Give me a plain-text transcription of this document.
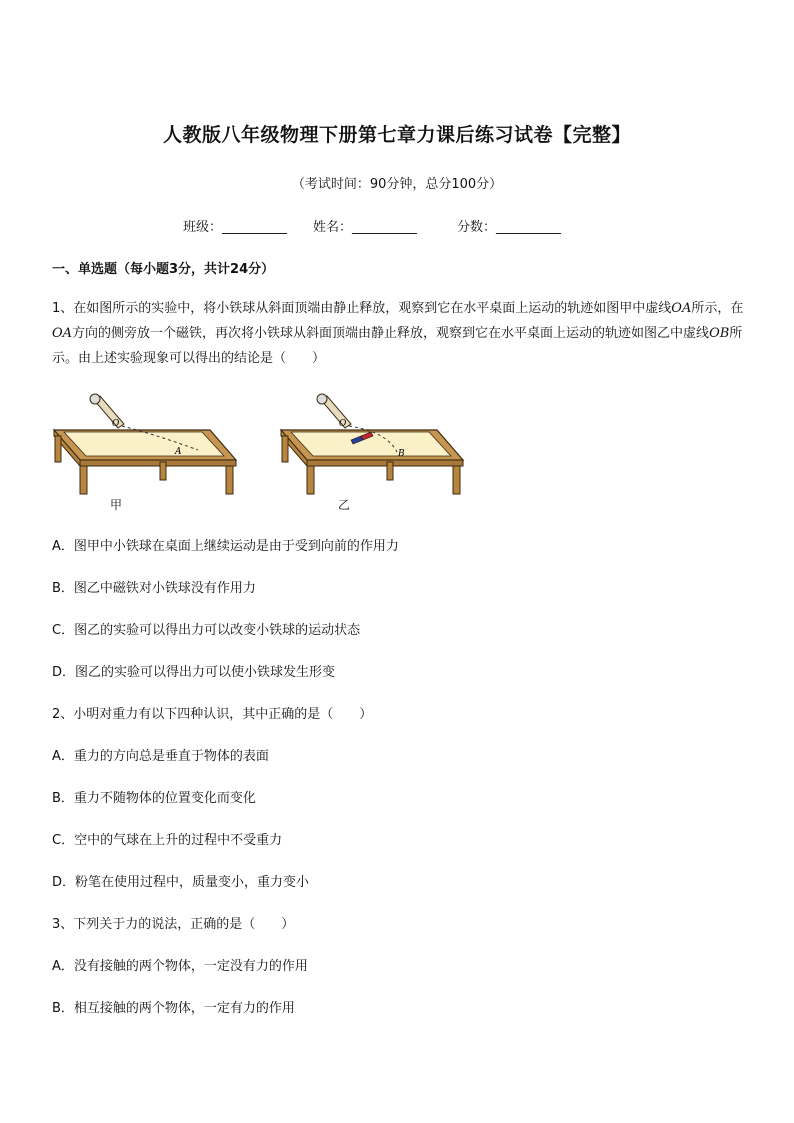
人教版八年级物理下册第七章力课后练习试卷【完整】
（考试时间：90分钟，总分100分）
班级：__________ 姓名：__________	分数：__________
一、单选题（每小题3分，共计24分）
1、在如图所示的实验中，将小铁球从斜面顶端由静止释放，观察到它在水平桌面上运动的轨迹如图甲中虚线OA所示，在OA方向的侧旁放一个磁铁，再次将小铁球从斜面顶端由静止释放，观察到它在水平桌面上运动的轨迹如图乙中虚线OB所示。由上述实验现象可以得出的结论是（　　）
O
A
甲
O
B
乙
A．图甲中小铁球在桌面上继续运动是由于受到向前的作用力
B．图乙中磁铁对小铁球没有作用力
C．图乙的实验可以得出力可以改变小铁球的运动状态
D．图乙的实验可以得出力可以使小铁球发生形变
2、小明对重力有以下四种认识，其中正确的是（　　）
A．重力的方向总是垂直于物体的表面
B．重力不随物体的位置变化而变化
C．空中的气球在上升的过程中不受重力
D．粉笔在使用过程中，质量变小，重力变小
3、下列关于力的说法，正确的是（　　）
A．没有接触的两个物体，一定没有力的作用
B．相互接触的两个物体，一定有力的作用
